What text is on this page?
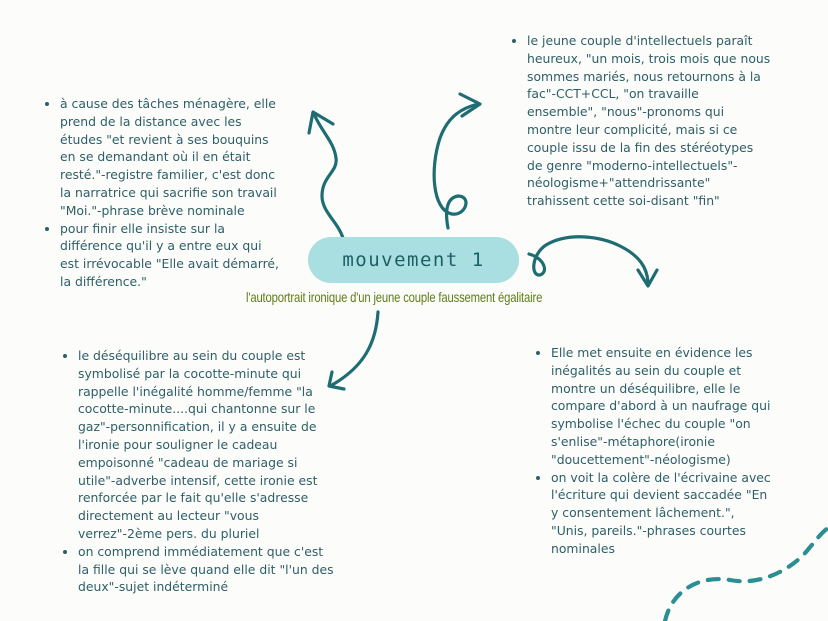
mouvement 1
l'autoportrait ironique d'un jeune couple faussement égalitaire
à cause des tâches ménagère, elle prend de la distance avec les études "et revient à ses bouquins en se demandant où il en était resté."-registre familier, c'est donc la narratrice qui sacrifie son travail "Moi."-phrase brève nominale
pour finir elle insiste sur la différence qu'il y a entre eux qui est irrévocable "Elle avait démarré, la différence."
le jeune couple d'intellectuels paraît heureux, "un mois, trois mois que nous sommes mariés, nous retournons à la fac"-CCT+CCL, "on travaille ensemble", "nous"-pronoms qui montre leur complicité, mais si ce couple issu de la fin des stéréotypes de genre "moderno-intellectuels"-néologisme+"attendrissante" trahissent cette soi-disant "fin"
le déséquilibre au sein du couple est symbolisé par la cocotte-minute qui rappelle l'inégalité homme/femme "la cocotte-minute....qui chantonne sur le gaz"-personnification, il y a ensuite de l'ironie pour souligner le cadeau empoisonné "cadeau de mariage si utile"-adverbe intensif, cette ironie est renforcée par le fait qu'elle s'adresse directement au lecteur "vous verrez"-2ème pers. du pluriel
on comprend immédiatement que c'est la fille qui se lève quand elle dit "l'un des deux"-sujet indéterminé
Elle met ensuite en évidence les inégalités au sein du couple et montre un déséquilibre, elle le compare d'abord à un naufrage qui symbolise l'échec du couple "on s'enlise"-métaphore(ironie "doucettement"-néologisme)
on voit la colère de l'écrivaine avec l'écriture qui devient saccadée "En y consentement lâchement.", "Unis, pareils."-phrases courtes nominales
